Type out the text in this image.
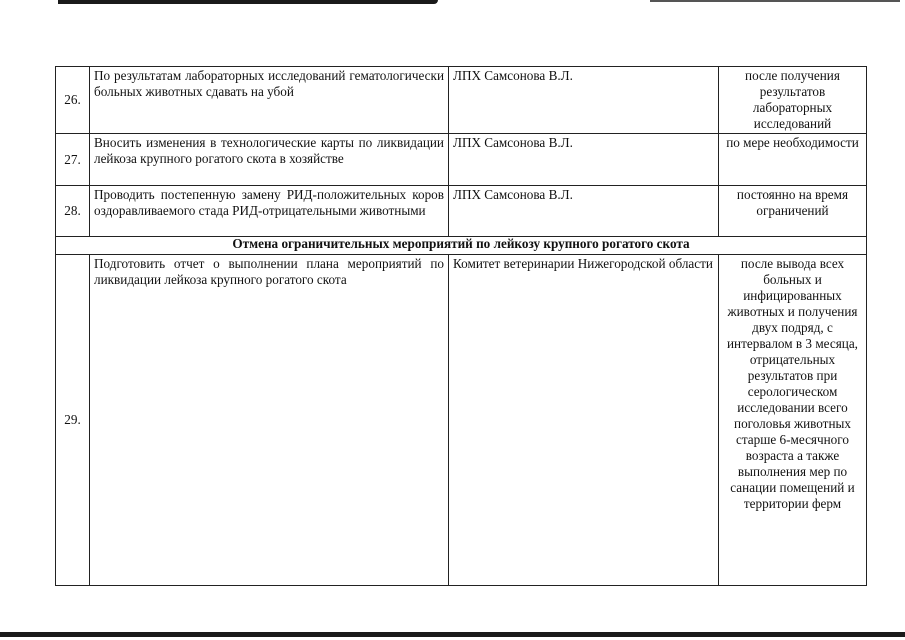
26.	По результатам лабораторных исследований гематологически больных животных сдавать на убой	ЛПХ Самсонова В.Л.	после получения результатов лабораторных исследований
27.	Вносить изменения в технологические карты по ликвидации лейкоза крупного рогатого скота в хозяйстве	ЛПХ Самсонова В.Л.	по мере необходимости
28.	Проводить постепенную замену РИД-положительных коров оздоравливаемого стада РИД-отрицательными животными	ЛПХ Самсонова В.Л.	постоянно на время ограничений
Отмена ограничительных мероприятий по лейкозу крупного рогатого скота			
29.	Подготовить отчет о выполнении плана мероприятий по ликвидации лейкоза крупного рогатого скота	Комитет ветеринарии Нижегородской области	после вывода всех больных и инфицированных животных и получения двух подряд, с интервалом в 3 месяца, отрицательных результатов при серологическом исследовании всего поголовья животных старше 6-месячного возраста а также выполнения мер по санации помещений и территории ферм
